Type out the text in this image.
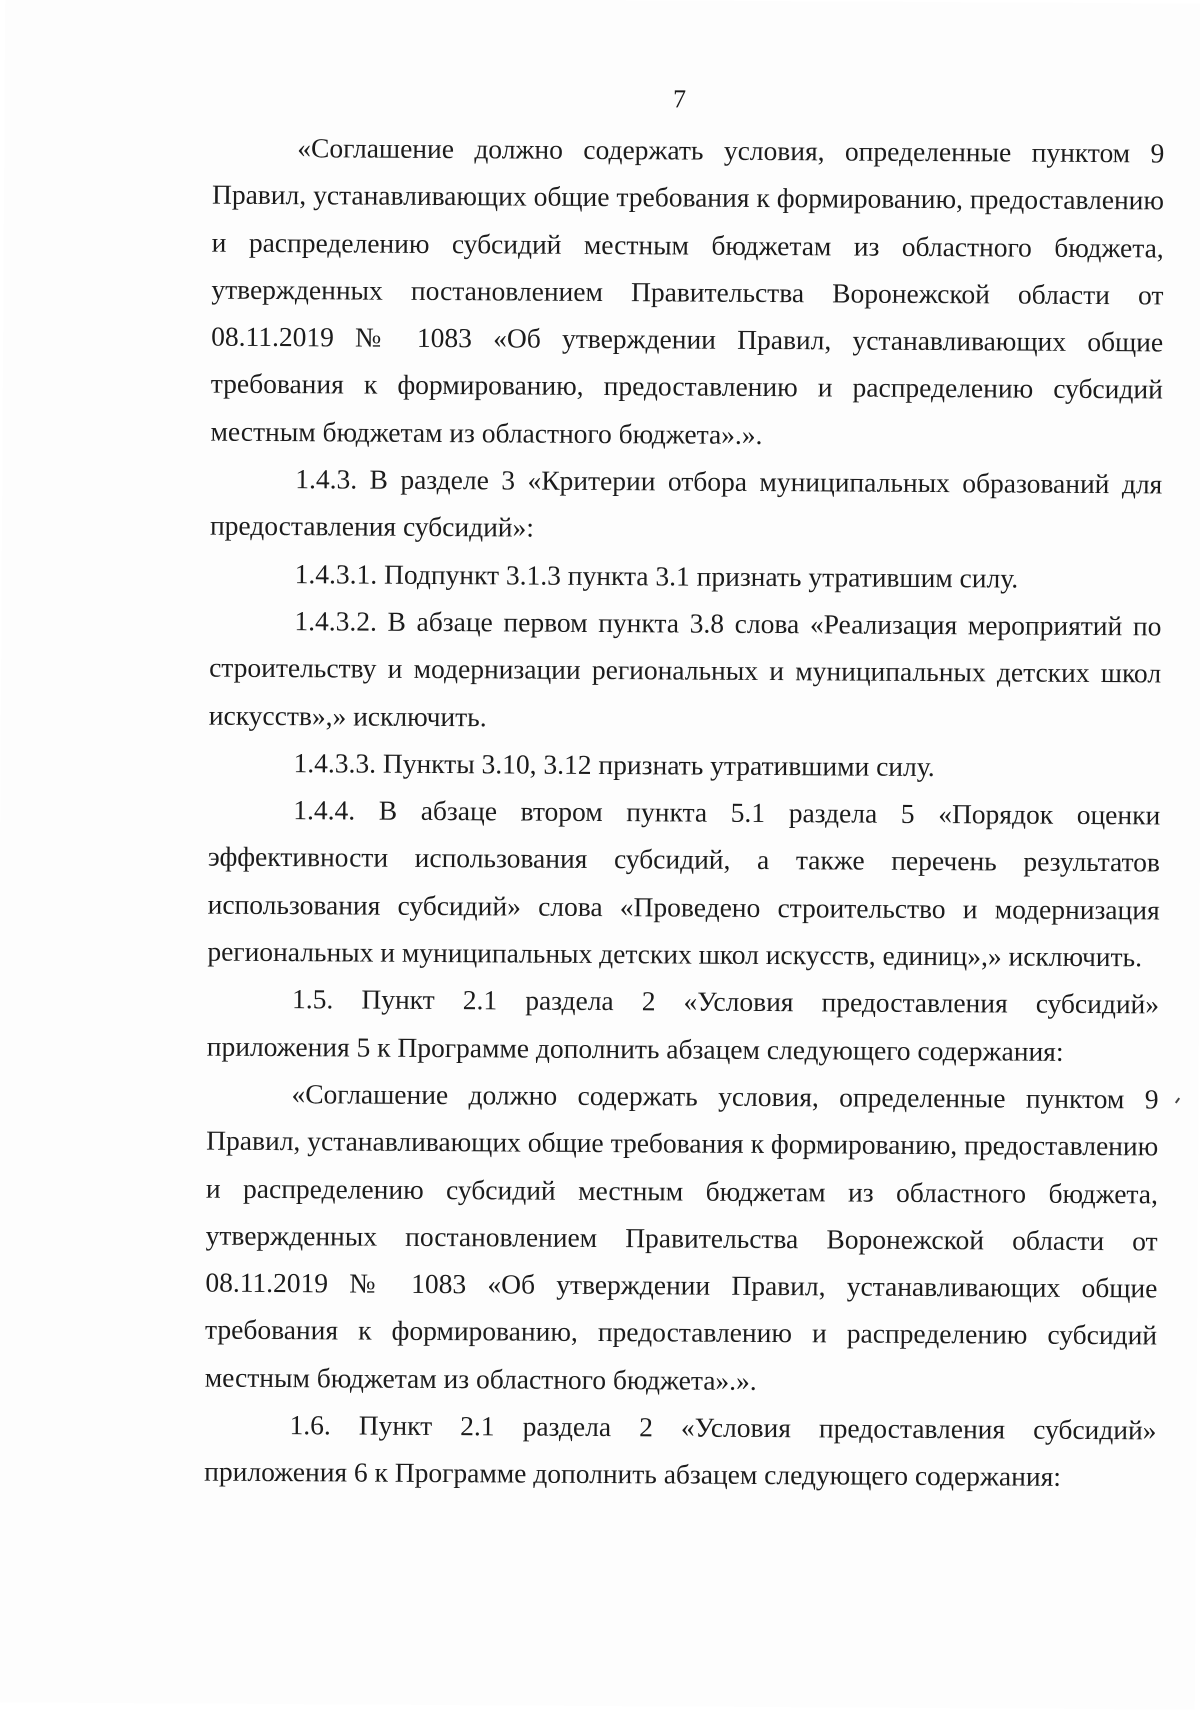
7

«Соглашение должно содержать условия, определенные пунктом 9 Правил, устанавливающих общие требования к формированию, предоставлению и распределению субсидий местным бюджетам из областного бюджета, утвержденных постановлением Правительства Воронежской области от 08.11.2019 № 1083 «Об утверждении Правил, устанавливающих общие требования к формированию, предоставлению и распределению субсидий местным бюджетам из областного бюджета».».

1.4.3. В разделе 3 «Критерии отбора муниципальных образований для предоставления субсидий»:

1.4.3.1. Подпункт 3.1.3 пункта 3.1 признать утратившим силу.

1.4.3.2. В абзаце первом пункта 3.8 слова «Реализация мероприятий по строительству и модернизации региональных и муниципальных детских школ искусств»,» исключить.

1.4.3.3. Пункты 3.10, 3.12 признать утратившими силу.

1.4.4. В абзаце втором пункта 5.1 раздела 5 «Порядок оценки эффективности использования субсидий, а также перечень результатов использования субсидий» слова «Проведено строительство и модернизация региональных и муниципальных детских школ искусств, единиц»,» исключить.

1.5. Пункт 2.1 раздела 2 «Условия предоставления субсидий» приложения 5 к Программе дополнить абзацем следующего содержания:

«Соглашение должно содержать условия, определенные пунктом 9 Правил, устанавливающих общие требования к формированию, предоставлению и распределению субсидий местным бюджетам из областного бюджета, утвержденных постановлением Правительства Воронежской области от 08.11.2019 № 1083 «Об утверждении Правил, устанавливающих общие требования к формированию, предоставлению и распределению субсидий местным бюджетам из областного бюджета».».

1.6. Пункт 2.1 раздела 2 «Условия предоставления субсидий» приложения 6 к Программе дополнить абзацем следующего содержания:
